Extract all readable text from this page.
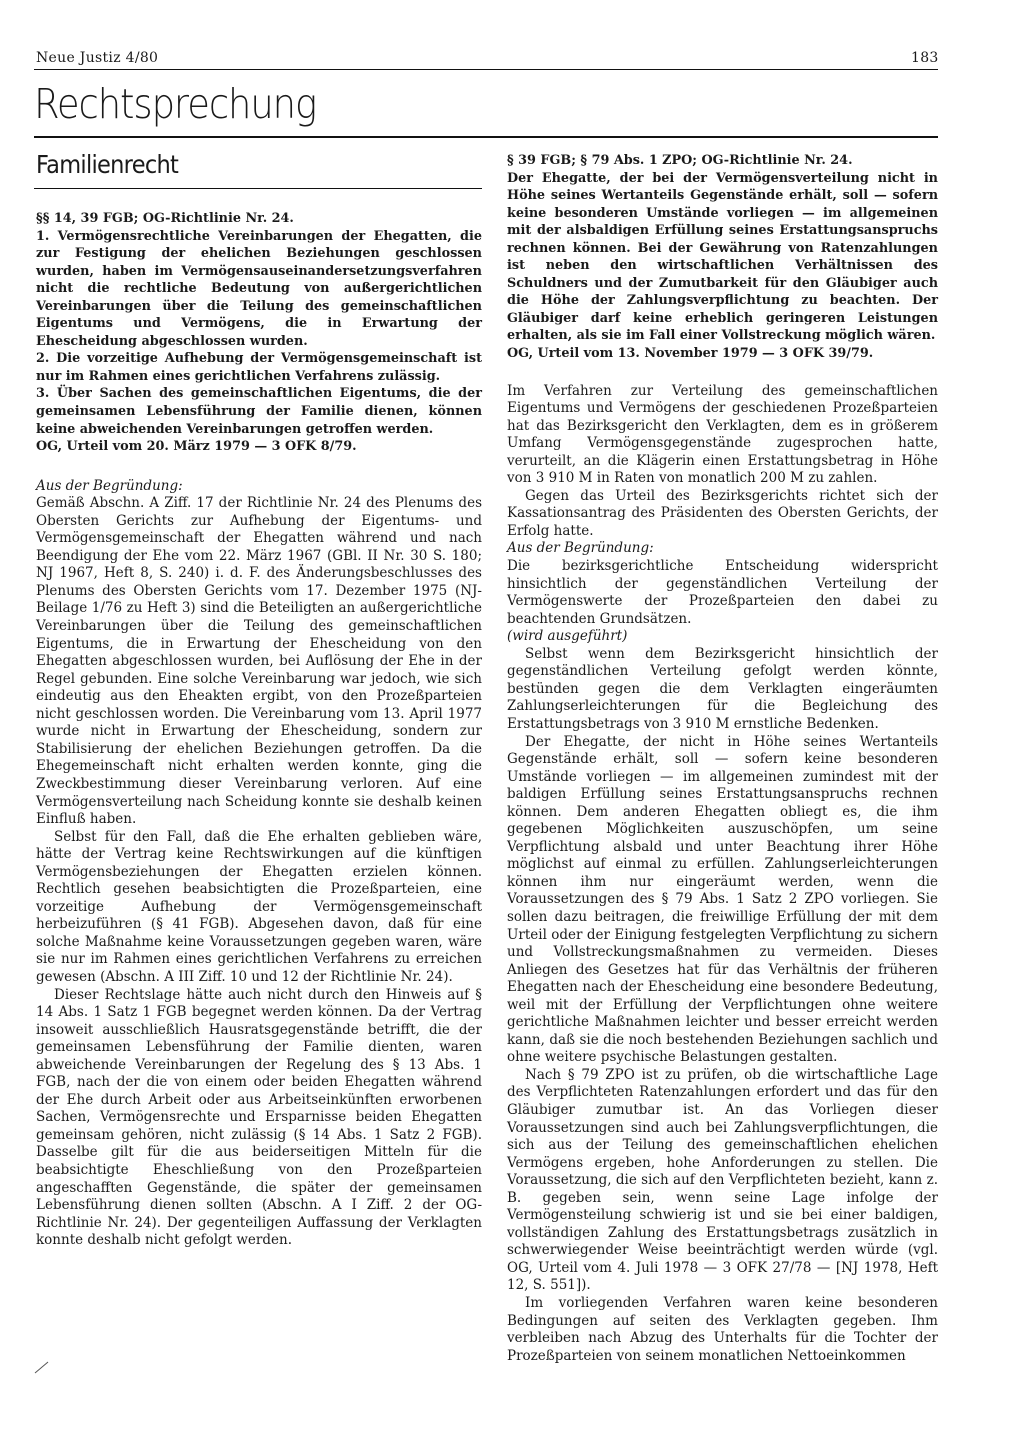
Neue Justiz 4/80	183
Rechtsprechung
Familienrecht

§§ 14, 39 FGB; OG-Richtlinie Nr. 24.

1. Vermögensrechtliche Vereinbarungen der Ehegatten, die zur Festigung der ehelichen Beziehungen geschlossen wurden, haben im Vermögensauseinandersetzungsverfahren nicht die rechtliche Bedeutung von außergerichtlichen Vereinbarungen über die Teilung des gemeinschaftlichen Eigentums und Vermögens, die in Erwartung der Ehescheidung abgeschlossen wurden.

2. Die vorzeitige Aufhebung der Vermögensgemeinschaft ist nur im Rahmen eines gerichtlichen Verfahrens zulässig.

3. Über Sachen des gemeinschaftlichen Eigentums, die der gemeinsamen Lebensführung der Familie dienen, können keine abweichenden Vereinbarungen getroffen werden.

OG, Urteil vom 20. März 1979 — 3 OFK 8/79.

Aus der Begründung:

Gemäß Abschn. A Ziff. 17 der Richtlinie Nr. 24 des Plenums des Obersten Gerichts zur Aufhebung der Eigentums- und Vermögensgemeinschaft der Ehegatten während und nach Beendigung der Ehe vom 22. März 1967 (GBl. II Nr. 30 S. 180; NJ 1967, Heft 8, S. 240) i. d. F. des Änderungsbeschlusses des Plenums des Obersten Gerichts vom 17. Dezember 1975 (NJ-Beilage 1/76 zu Heft 3) sind die Beteiligten an außergerichtliche Vereinbarungen über die Teilung des gemeinschaftlichen Eigentums, die in Erwartung der Ehescheidung von den Ehegatten abgeschlossen wurden, bei Auflösung der Ehe in der Regel gebunden. Eine solche Vereinbarung war jedoch, wie sich eindeutig aus den Eheakten ergibt, von den Prozeßparteien nicht geschlossen worden. Die Vereinbarung vom 13. April 1977 wurde nicht in Erwartung der Ehescheidung, sondern zur Stabilisierung der ehelichen Beziehungen getroffen. Da die Ehegemeinschaft nicht erhalten werden konnte, ging die Zweckbestimmung dieser Vereinbarung verloren. Auf eine Vermögensverteilung nach Scheidung konnte sie deshalb keinen Einfluß haben.

Selbst für den Fall, daß die Ehe erhalten geblieben wäre, hätte der Vertrag keine Rechtswirkungen auf die künftigen Vermögensbeziehungen der Ehegatten erzielen können. Rechtlich gesehen beabsichtigten die Prozeßparteien, eine vorzeitige Aufhebung der Vermögensgemeinschaft herbeizuführen (§ 41 FGB). Abgesehen davon, daß für eine solche Maßnahme keine Voraussetzungen gegeben waren, wäre sie nur im Rahmen eines gerichtlichen Verfahrens zu erreichen gewesen (Abschn. A III Ziff. 10 und 12 der Richtlinie Nr. 24).

Dieser Rechtslage hätte auch nicht durch den Hinweis auf § 14 Abs. 1 Satz 1 FGB begegnet werden können. Da der Vertrag insoweit ausschließlich Hausratsgegenstände betrifft, die der gemeinsamen Lebensführung der Familie dienten, waren abweichende Vereinbarungen der Regelung des § 13 Abs. 1 FGB, nach der die von einem oder beiden Ehegatten während der Ehe durch Arbeit oder aus Arbeitseinkünften erworbenen Sachen, Vermögensrechte und Ersparnisse beiden Ehegatten gemeinsam gehören, nicht zulässig (§ 14 Abs. 1 Satz 2 FGB). Dasselbe gilt für die aus beiderseitigen Mitteln für die beabsichtigte Eheschließung von den Prozeßparteien angeschafften Gegenstände, die später der gemeinsamen Lebensführung dienen sollten (Abschn. A I Ziff. 2 der OG-Richtlinie Nr. 24). Der gegenteiligen Auffassung der Verklagten konnte deshalb nicht gefolgt werden.

§ 39 FGB; § 79 Abs. 1 ZPO; OG-Richtlinie Nr. 24.

Der Ehegatte, der bei der Vermögensverteilung nicht in Höhe seines Wertanteils Gegenstände erhält, soll — sofern keine besonderen Umstände vorliegen — im allgemeinen mit der alsbaldigen Erfüllung seines Erstattungsanspruchs rechnen können. Bei der Gewährung von Ratenzahlungen ist neben den wirtschaftlichen Verhältnissen des Schuldners und der Zumutbarkeit für den Gläubiger auch die Höhe der Zahlungsverpflichtung zu beachten. Der Gläubiger darf keine erheblich geringeren Leistungen erhalten, als sie im Fall einer Vollstreckung möglich wären.

OG, Urteil vom 13. November 1979 — 3 OFK 39/79.

Im Verfahren zur Verteilung des gemeinschaftlichen Eigentums und Vermögens der geschiedenen Prozeßparteien hat das Bezirksgericht den Verklagten, dem es in größerem Umfang Vermögensgegenstände zugesprochen hatte, verurteilt, an die Klägerin einen Erstattungsbetrag in Höhe von 3 910 M in Raten von monatlich 200 M zu zahlen.

Gegen das Urteil des Bezirksgerichts richtet sich der Kassationsantrag des Präsidenten des Obersten Gerichts, der Erfolg hatte.

Aus der Begründung:

Die bezirksgerichtliche Entscheidung widerspricht hinsichtlich der gegenständlichen Verteilung der Vermögenswerte der Prozeßparteien den dabei zu beachtenden Grundsätzen.

(wird ausgeführt)

Selbst wenn dem Bezirksgericht hinsichtlich der gegenständlichen Verteilung gefolgt werden könnte, bestünden gegen die dem Verklagten eingeräumten Zahlungserleichterungen für die Begleichung des Erstattungsbetrags von 3 910 M ernstliche Bedenken.

Der Ehegatte, der nicht in Höhe seines Wertanteils Gegenstände erhält, soll — sofern keine besonderen Umstände vorliegen — im allgemeinen zumindest mit der baldigen Erfüllung seines Erstattungsanspruchs rechnen können. Dem anderen Ehegatten obliegt es, die ihm gegebenen Möglichkeiten auszuschöpfen, um seine Verpflichtung alsbald und unter Beachtung ihrer Höhe möglichst auf einmal zu erfüllen. Zahlungserleichterungen können ihm nur eingeräumt werden, wenn die Voraussetzungen des § 79 Abs. 1 Satz 2 ZPO vorliegen. Sie sollen dazu beitragen, die freiwillige Erfüllung der mit dem Urteil oder der Einigung festgelegten Verpflichtung zu sichern und Vollstreckungsmaßnahmen zu vermeiden. Dieses Anliegen des Gesetzes hat für das Verhältnis der früheren Ehegatten nach der Ehescheidung eine besondere Bedeutung, weil mit der Erfüllung der Verpflichtungen ohne weitere gerichtliche Maßnahmen leichter und besser erreicht werden kann, daß sie die noch bestehenden Beziehungen sachlich und ohne weitere psychische Belastungen gestalten.

Nach § 79 ZPO ist zu prüfen, ob die wirtschaftliche Lage des Verpflichteten Ratenzahlungen erfordert und das für den Gläubiger zumutbar ist. An das Vorliegen dieser Voraussetzungen sind auch bei Zahlungsverpflichtungen, die sich aus der Teilung des gemeinschaftlichen ehelichen Vermögens ergeben, hohe Anforderungen zu stellen. Die Voraussetzung, die sich auf den Verpflichteten bezieht, kann z. B. gegeben sein, wenn seine Lage infolge der Vermögensteilung schwierig ist und sie bei einer baldigen, vollständigen Zahlung des Erstattungsbetrags zusätzlich in schwerwiegender Weise beeinträchtigt werden würde (vgl. OG, Urteil vom 4. Juli 1978 — 3 OFK 27/78 — [NJ 1978, Heft 12, S. 551]).

Im vorliegenden Verfahren waren keine besonderen Bedingungen auf seiten des Verklagten gegeben. Ihm verbleiben nach Abzug des Unterhalts für die Tochter der Prozeßparteien von seinem monatlichen Nettoeinkommen
